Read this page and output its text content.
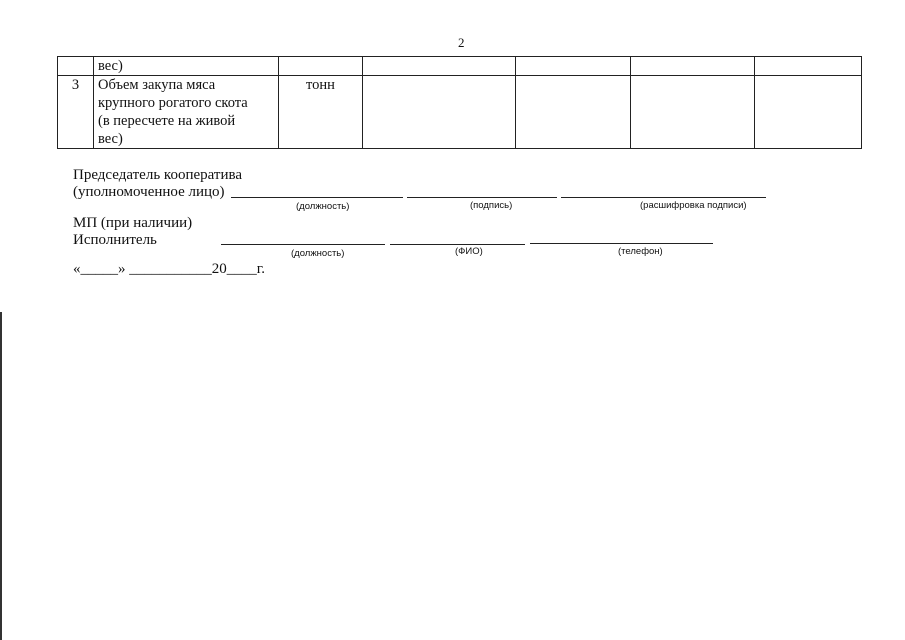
2
	вес)					
3	Объем закупа мяса
крупного рогатого скота
(в пересчете на живой
вес)	тонн				
Председатель кооператива
(уполномоченное лицо)
(должность)	(подпись)	(расшифровка подписи)
МП (при наличии)
Исполнитель
(должность)	(ФИО)	(телефон)
«_____» ___________20____г.
